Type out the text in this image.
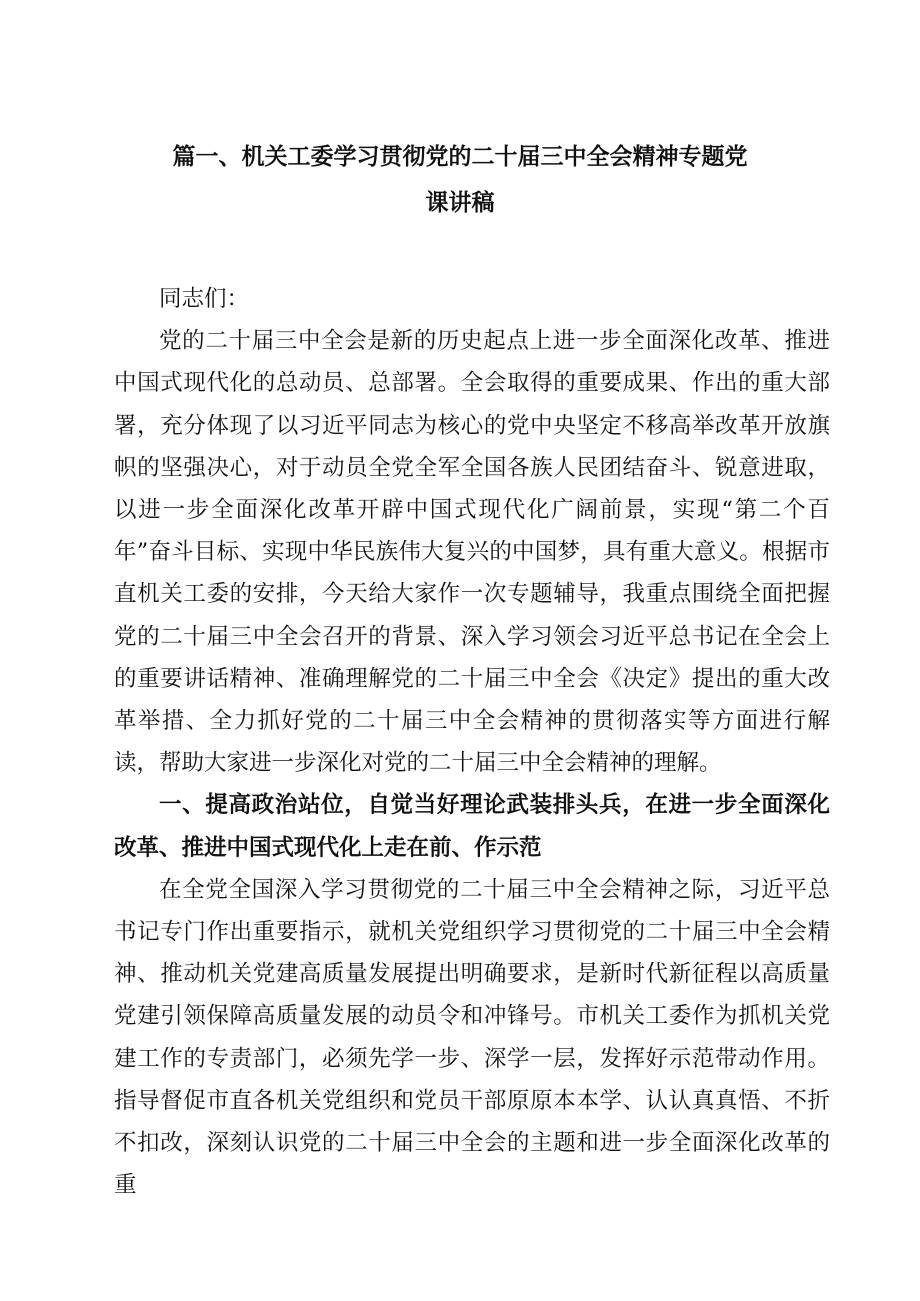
篇一、机关工委学习贯彻党的二十届三中全会精神专题党
课讲稿

同志们：

党的二十届三中全会是新的历史起点上进一步全面深化改革、推进中国式现代化的总动员、总部署。全会取得的重要成果、作出的重大部署，充分体现了以习近平同志为核心的党中央坚定不移高举改革开放旗帜的坚强决心，对于动员全党全军全国各族人民团结奋斗、锐意进取，以进一步全面深化改革开辟中国式现代化广阔前景，实现“第二个百年”奋斗目标、实现中华民族伟大复兴的中国梦，具有重大意义。根据市直机关工委的安排，今天给大家作一次专题辅导，我重点围绕全面把握党的二十届三中全会召开的背景、深入学习领会习近平总书记在全会上的重要讲话精神、准确理解党的二十届三中全会《决定》提出的重大改革举措、全力抓好党的二十届三中全会精神的贯彻落实等方面进行解读，帮助大家进一步深化对党的二十届三中全会精神的理解。

一、提高政治站位，自觉当好理论武装排头兵，在进一步全面深化改革、推进中国式现代化上走在前、作示范

在全党全国深入学习贯彻党的二十届三中全会精神之际，习近平总书记专门作出重要指示，就机关党组织学习贯彻党的二十届三中全会精神、推动机关党建高质量发展提出明确要求，是新时代新征程以高质量党建引领保障高质量发展的动员令和冲锋号。市机关工委作为抓机关党建工作的专责部门，必须先学一步、深学一层，发挥好示范带动作用。指导督促市直各机关党组织和党员干部原原本本学、认认真真悟、不折不扣改，深刻认识党的二十届三中全会的主题和进一步全面深化改革的重
